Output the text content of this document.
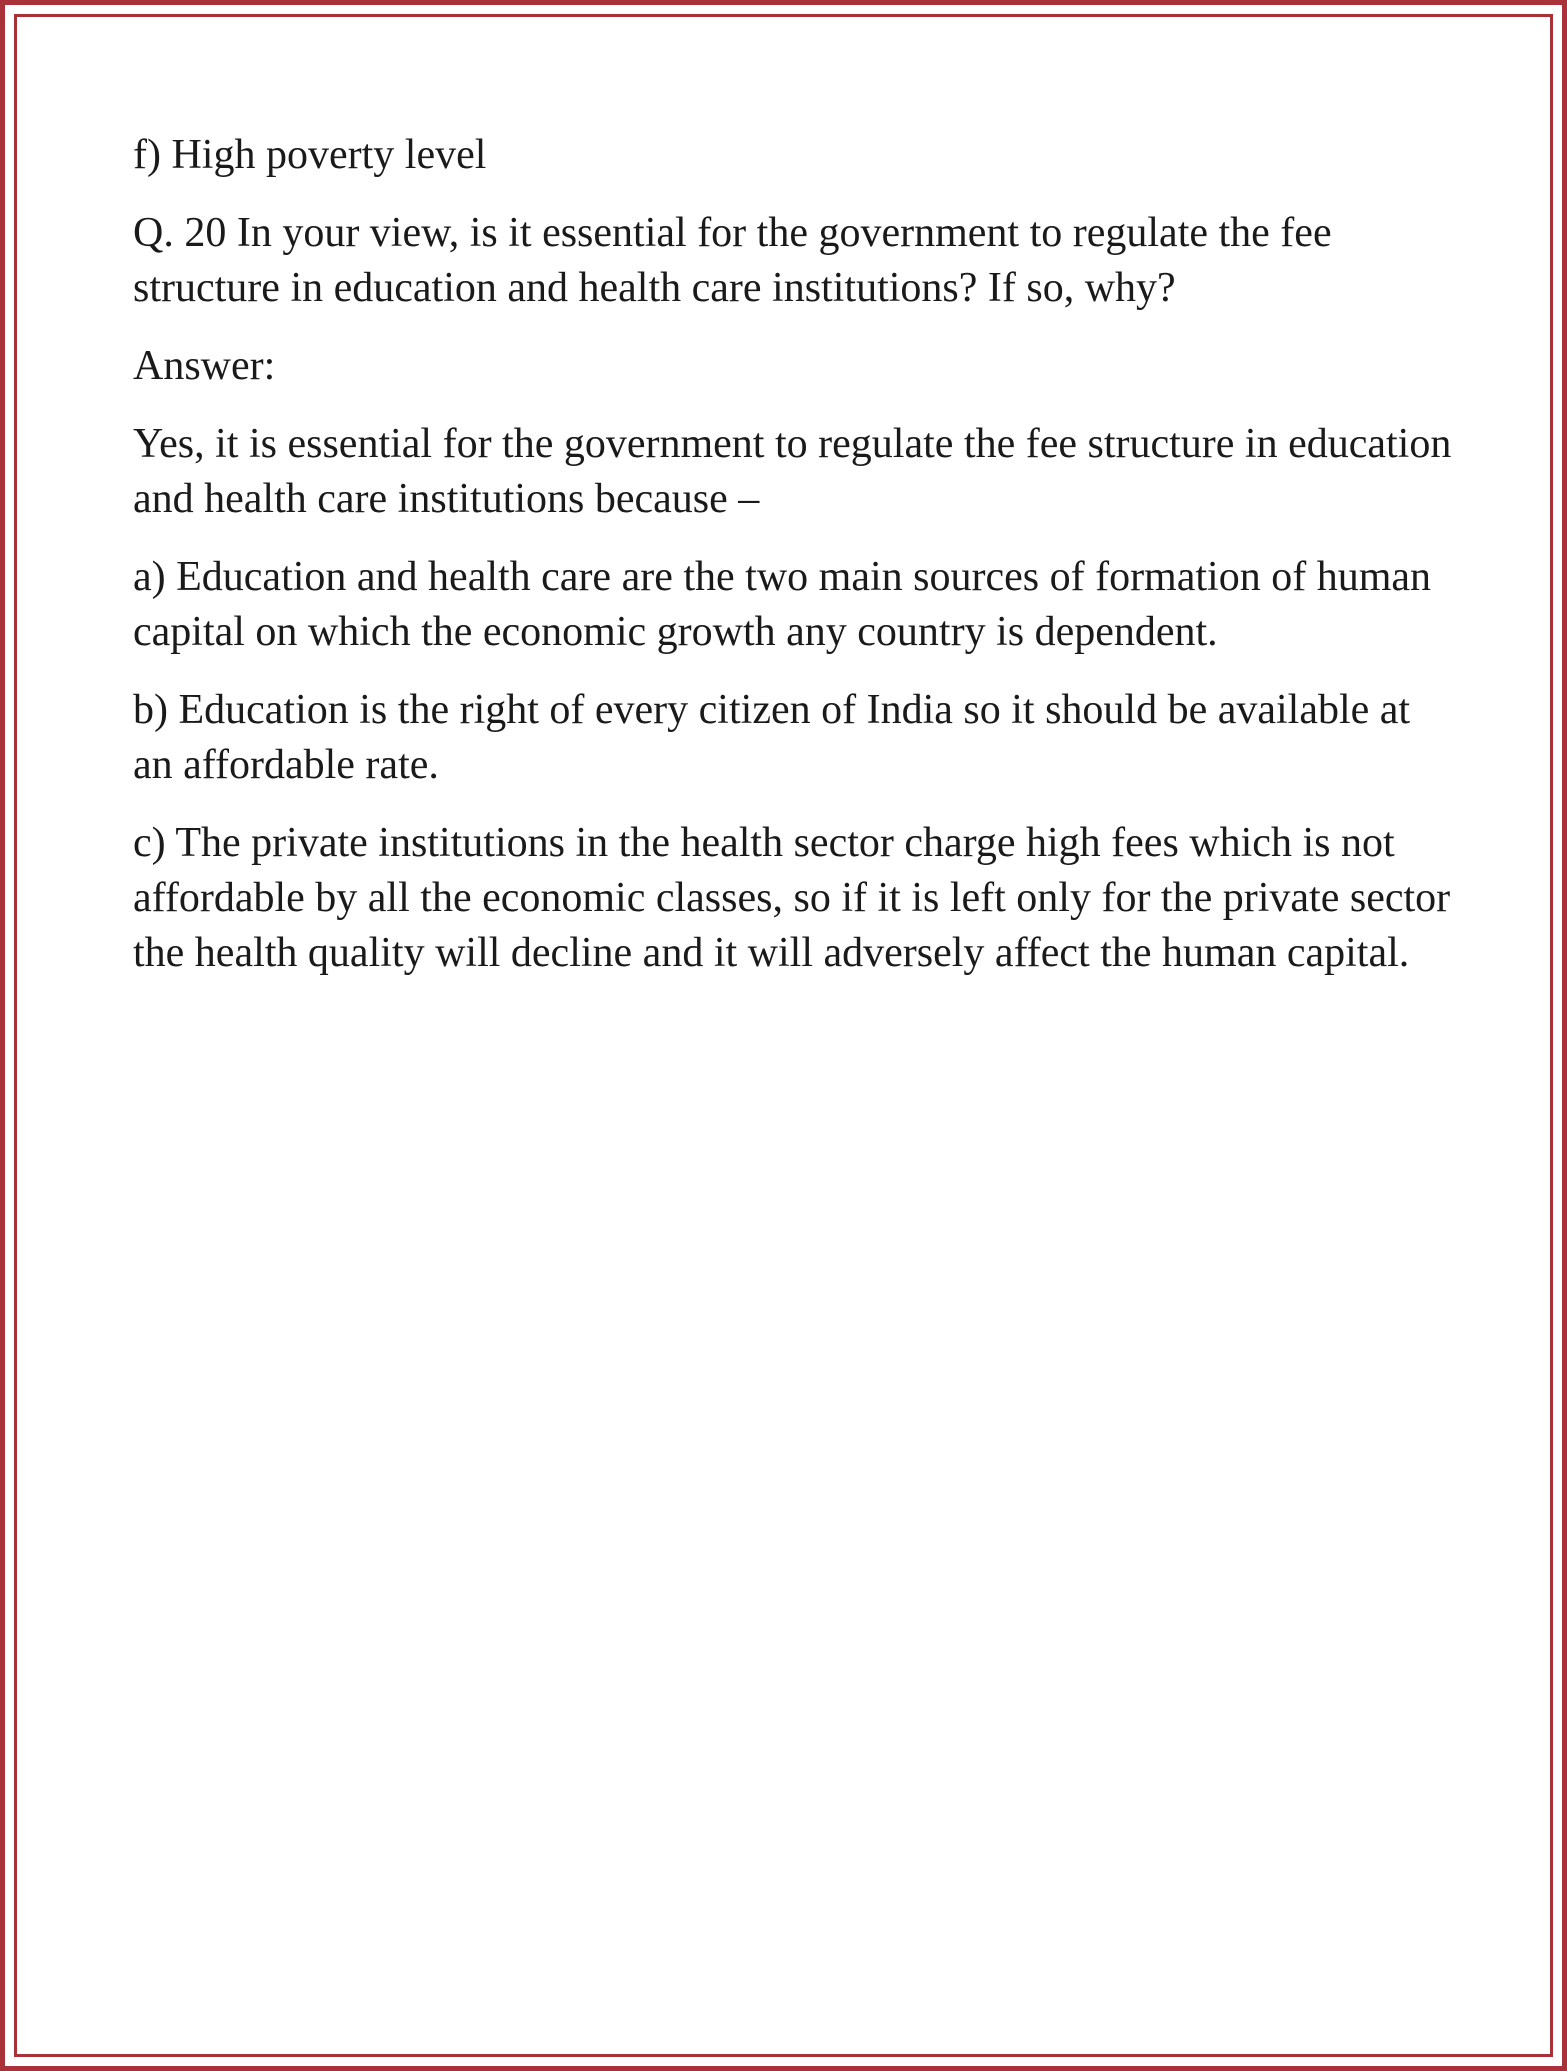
f) High poverty level

Q. 20 In your view, is it essential for the government to regulate the fee structure in education and health care institutions? If so, why?

Answer:

Yes, it is essential for the government to regulate the fee structure in education and health care institutions because –

a) Education and health care are the two main sources of formation of human capital on which the economic growth any country is dependent.

b) Education is the right of every citizen of India so it should be available at an affordable rate.

c) The private institutions in the health sector charge high fees which is not affordable by all the economic classes, so if it is left only for the private sector the health quality will decline and it will adversely affect the human capital.
